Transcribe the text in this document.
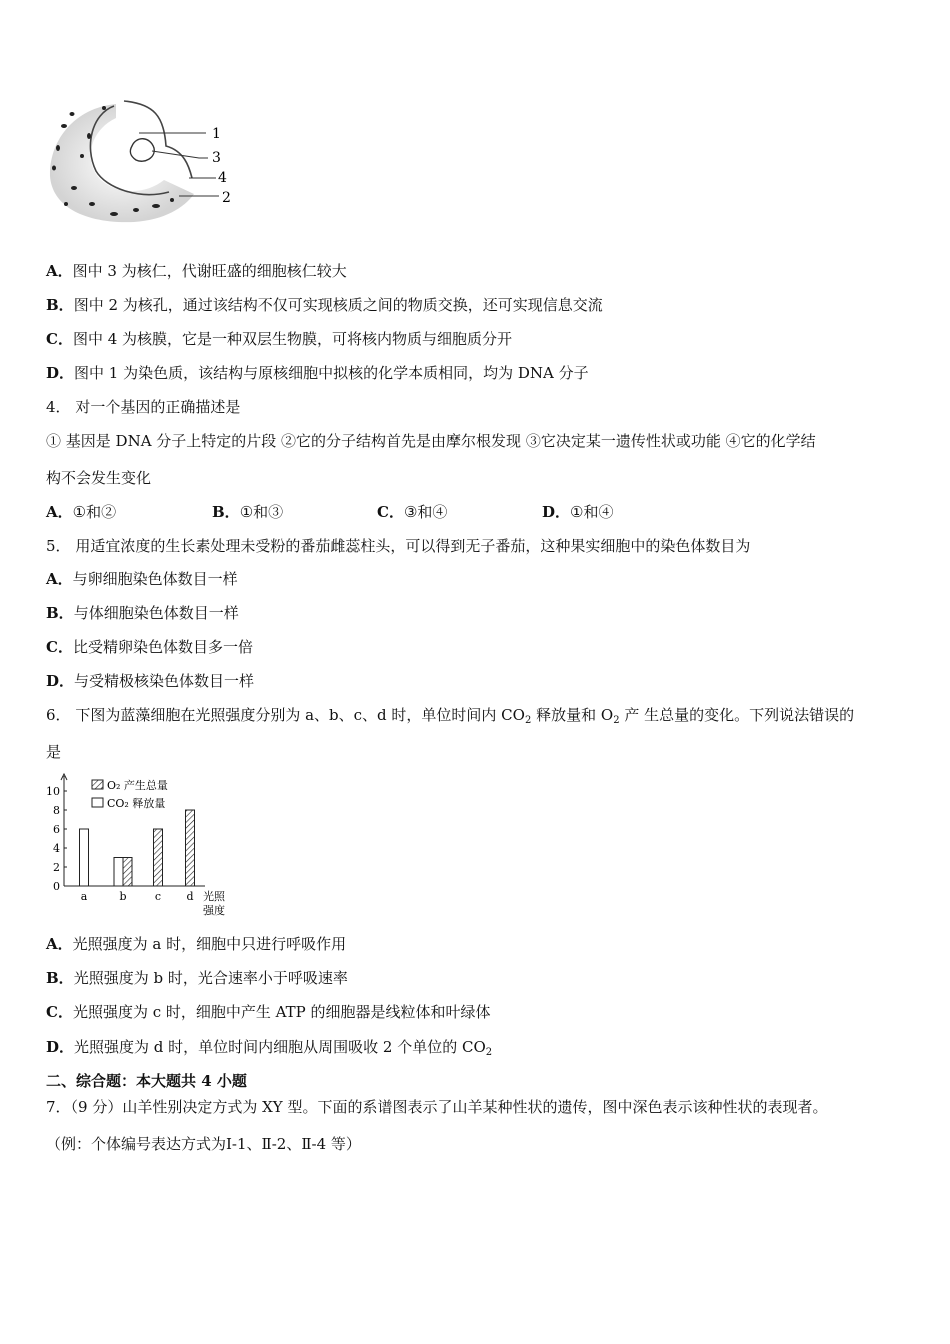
1
3
4
2
A．图中 3 为核仁，代谢旺盛的细胞核仁较大
B．图中 2 为核孔，通过该结构不仅可实现核质之间的物质交换，还可实现信息交流
C．图中 4 为核膜，它是一种双层生物膜，可将核内物质与细胞质分开
D．图中 1 为染色质，该结构与原核细胞中拟核的化学本质相同，均为 DNA 分子
4． 对一个基因的正确描述是
① 基因是 DNA 分子上特定的片段 ②它的分子结构首先是由摩尔根发现 ③它决定某一遗传性状或功能 ④它的化学结
构不会发生变化
A．①和②	B．①和③	C．③和④	D．①和④
5． 用适宜浓度的生长素处理未受粉的番茄雌蕊柱头，可以得到无子番茄，这种果实细胞中的染色体数目为
A．与卵细胞染色体数目一样
B．与体细胞染色体数目一样
C．比受精卵染色体数目多一倍
D．与受精极核染色体数目一样
6． 下图为蓝藻细胞在光照强度分别为 a、b、c、d 时，单位时间内 $CO_2$ 释放量和 $O_2$ 产 生总量的变化。下列说法错误的
是
0
2
4
6
8
10
a	b	c d 光照
强度
O₂ 产生总量
CO₂ 释放量
A．光照强度为 a 时，细胞中只进行呼吸作用
B．光照强度为 b 时，光合速率小于呼吸速率
C．光照强度为 c 时，细胞中产生 ATP 的细胞器是线粒体和叶绿体
D．光照强度为 d 时，单位时间内细胞从周围吸收 2 个单位的 $CO_2$
二、综合题：本大题共 4 小题
7．（9 分）山羊性别决定方式为 XY 型。下面的系谱图表示了山羊某种性状的遗传，图中深色表示该种性状的表现者。
（例：个体编号表达方式为Ⅰ-1、Ⅱ-2、Ⅱ-4 等）
